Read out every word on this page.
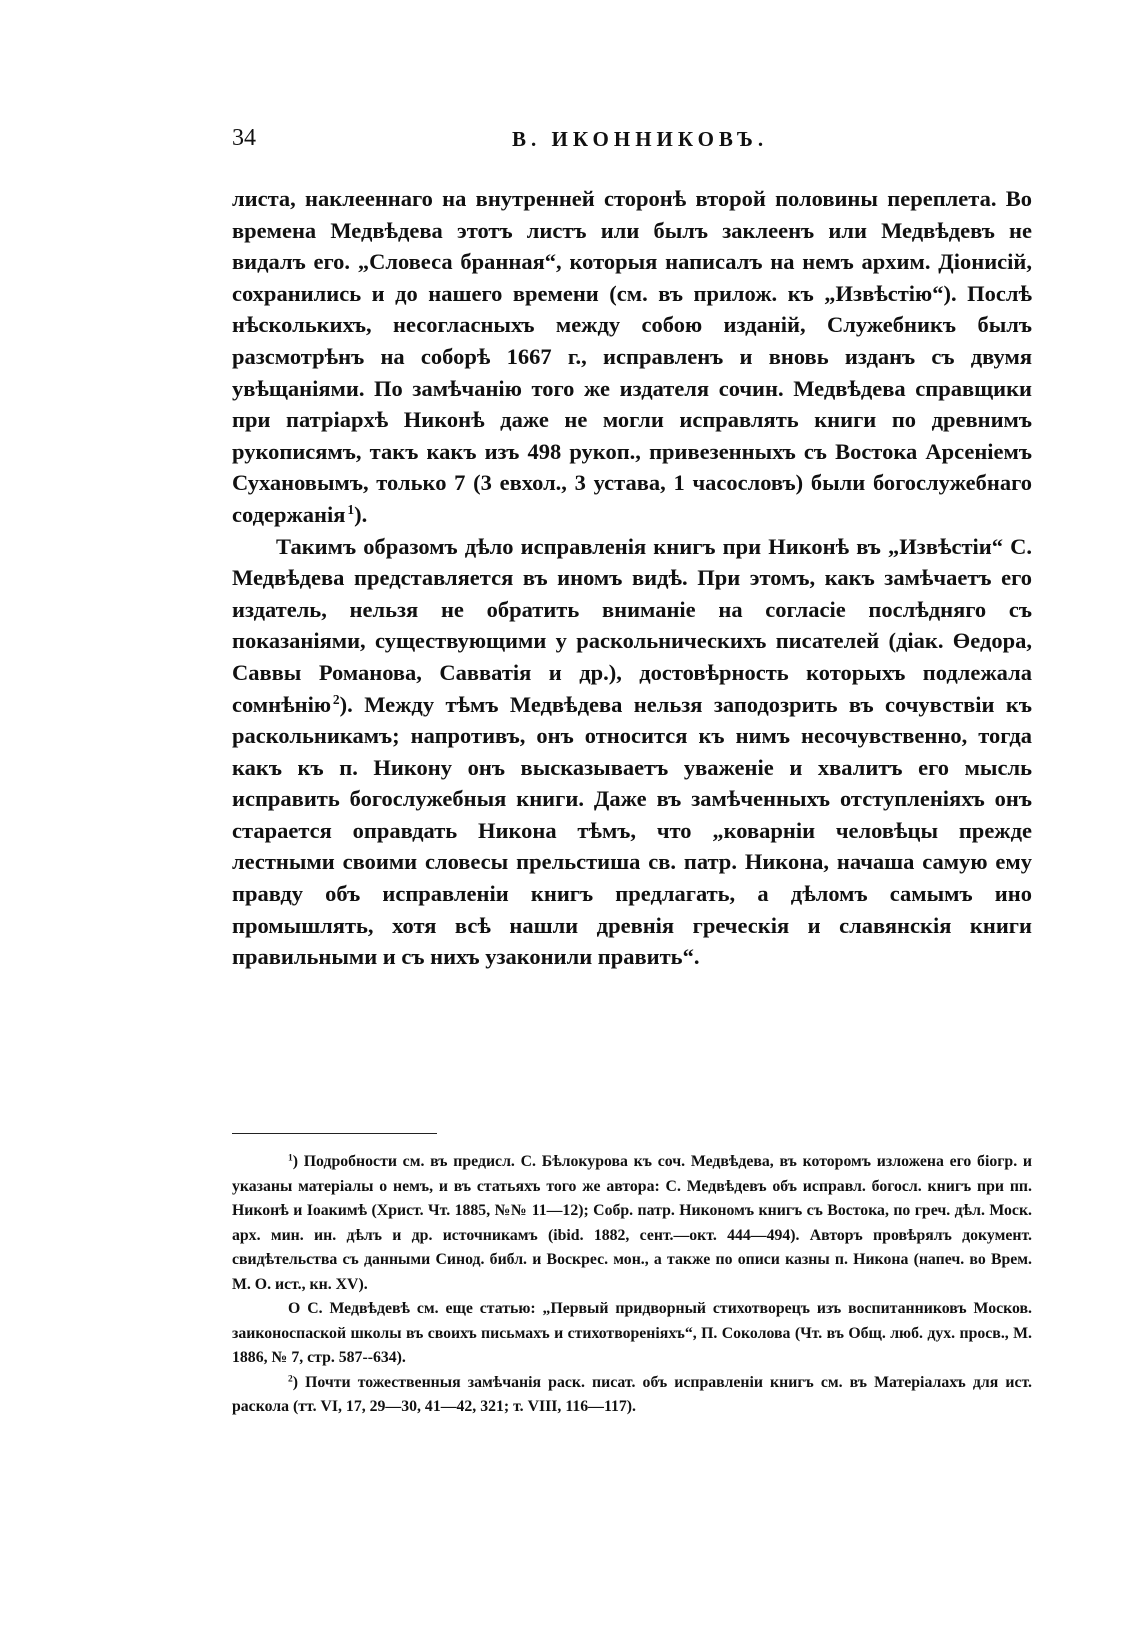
34	В. ИКОННИКОВЪ.

листа, наклееннаго на внутренней сторонѣ второй половины переплета. Во времена Медвѣдева этотъ листъ или былъ заклеенъ или Медвѣдевъ не видалъ его. „Словеса бранная“, которыя написалъ на немъ архим. Діонисій, сохранились и до нашего времени (см. въ прилож. къ „Извѣстію“). Послѣ нѣсколькихъ, несогласныхъ между собою изданій, Служебникъ былъ разсмотрѣнъ на соборѣ 1667 г., исправленъ и вновь изданъ съ двумя увѣщаніями. По замѣчанію того же издателя сочин. Медвѣдева справщики при патріархѣ Никонѣ даже не могли исправлять книги по древнимъ рукописямъ, такъ какъ изъ 498 рукоп., привезенныхъ съ Востока Арсеніемъ Сухановымъ, только 7 (3 евхол., 3 устава, 1 часословъ) были богослужебнаго содержанія  $^1$).

Такимъ образомъ дѣло исправленія книгъ при Никонѣ въ „Извѣстіи“ С. Медвѣдева представляется въ иномъ видѣ. При этомъ, какъ замѣчаетъ его издатель, нельзя не обратить вниманіе на согласіе послѣдняго съ показаніями, существующими у раскольническихъ писателей (діак. Өедора, Саввы Романова, Савватія и др.), достовѣрность которыхъ подлежала сомнѣнію  $^2$). Между тѣмъ Медвѣдева нельзя заподозрить въ сочувствіи къ раскольникамъ; напротивъ, онъ относится къ нимъ несочувственно, тогда какъ къ п. Никону онъ высказываетъ уваженіе и хвалитъ его мысль исправить богослужебныя книги. Даже въ замѣченныхъ отступленіяхъ онъ старается оправдать Никона тѣмъ, что „коварніи человѣцы прежде лестными своими словесы прельстиша св. патр. Никона, начаша самую ему правду объ исправленіи книгъ предлагать, а дѣломъ самымъ ино промышлять, хотя всѣ нашли древнія греческія и славянскія книги правильными и съ нихъ узаконили править“.

$^1$) Подробности см. въ предисл. С. Бѣлокурова къ соч. Медвѣдева, въ которомъ изложена его біогр. и указаны матеріалы о немъ, и въ статьяхъ того же автора: С. Медвѣдевъ объ исправл. богосл. книгъ при пп. Никонѣ и Іоакимѣ (Христ. Чт. 1885, №№ 11—12); Собр. патр. Никономъ книгъ съ Востока, по греч. дѣл. Моск. арх. мин. ин. дѣлъ и др. источникамъ (ibid. 1882, сент.—окт. 444—494). Авторъ провѣрялъ документ. свидѣтельства съ данными Синод. библ. и Воскрес. мон., а также по описи казны п. Никона (напеч. во Врем. М. О. ист., кн. XV).

О С. Медвѣдевѣ см. еще статью: „Первый придворный стихотворецъ изъ воспитанниковъ Москов. заиконоспаской школы въ своихъ письмахъ и стихотвореніяхъ“, П. Соколова (Чт. въ Общ. люб. дух. просв., М. 1886, № 7, стр. 587--634).

$^2$) Почти тожественныя замѣчанія раск. писат. объ исправленіи книгъ см. въ Матеріалахъ для ист. раскола (тт. VI, 17, 29—30, 41—42, 321; т. VIII, 116—117).
